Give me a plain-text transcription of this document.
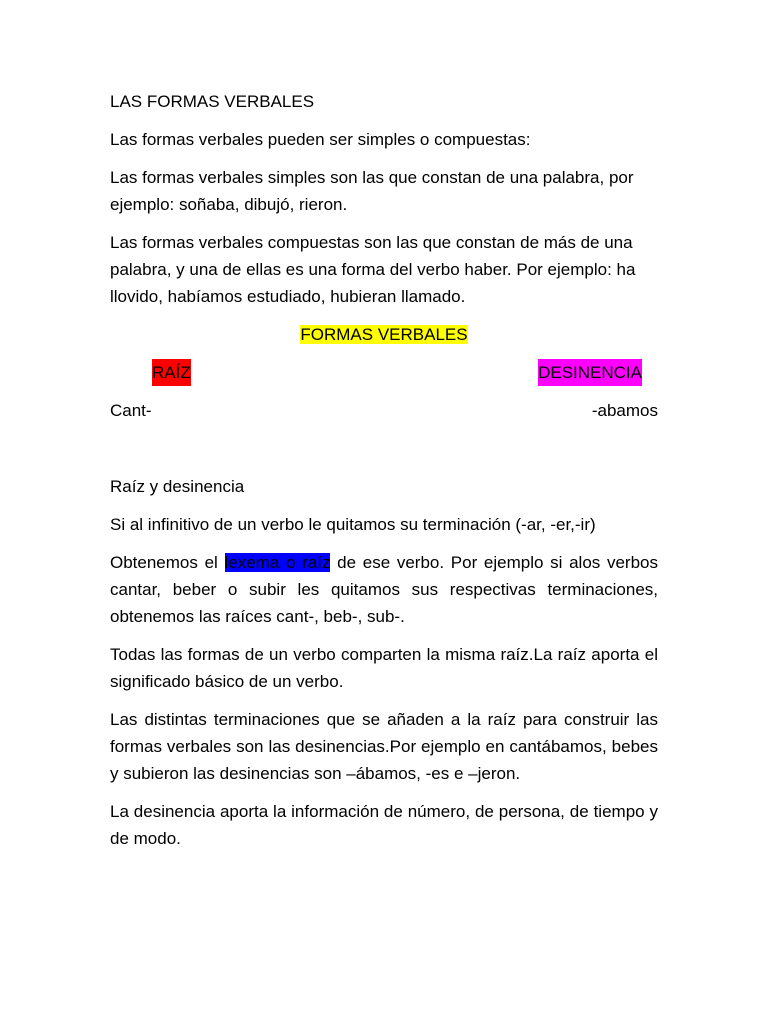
LAS FORMAS VERBALES

Las formas verbales pueden ser simples o compuestas:

Las formas verbales simples son las que constan de una palabra, por ejemplo: soñaba, dibujó, rieron.

Las formas verbales compuestas son las que constan de más de una palabra, y una de ellas es una forma del verbo haber. Por ejemplo: ha llovido, habíamos estudiado, hubieran llamado.

FORMAS VERBALES

RAÍZ	DESINENCIA
Cant-	-abamos

Raíz y desinencia

Si al infinitivo de un verbo le quitamos su terminación (-ar, -er,-ir)

Obtenemos el lexema o raíz de ese verbo. Por ejemplo si alos verbos cantar, beber o subir les quitamos sus respectivas terminaciones, obtenemos las raíces cant-, beb-, sub-.

Todas las formas de un verbo comparten la misma raíz.La raíz aporta el significado básico de un verbo.

Las distintas terminaciones que se añaden a la raíz para construir las formas verbales son las desinencias.Por ejemplo en cantábamos, bebes y subieron las desinencias son –ábamos, -es e –jeron.

La desinencia aporta la información de número, de persona, de tiempo y de modo.
